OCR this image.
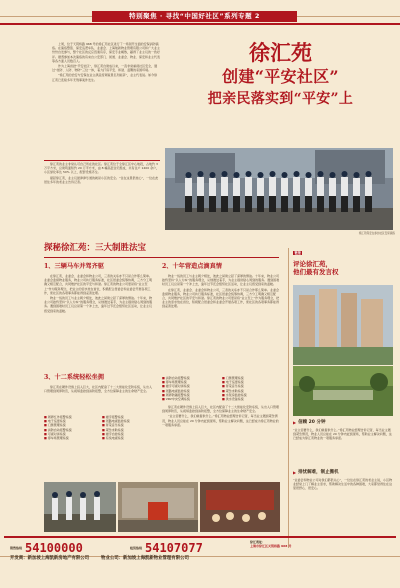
特别聚焦 · 寻找“中国好社区”系列专题 2

上周，位于天钥桥路 968 号的徐汇苑社区进行了一场别开生面的安保消防演练。在演练警笛、保安巡逻车队、业委会、上海航新物业管理有限公司和广大业主纷纷自发参与，整个社区的反应迅速有序，保安专业娴熟，赢得了业主们的一致好评。据悉参加本次演练的有来自公安部门、街道、业委会、物业、保安和业主代表等各方面人员数百人。

作为上海首批“平安社区”，徐汇苑自建成以来，一直非常重视社区安全，通过“技防、人防、物防”三位一体，着力打造平安、和谐、温馨的家园环境。

“徐汇苑的治安与安保在业主满意度调查里名列前茅”，业主代表说。如今徐汇苑已连续多年无刑事案件发生。

徐汇苑
创建“平安社区”
把亲民落实到“平安”上

徐汇苑的业主非常认可自己所在的社区。徐汇苑位于全徐汇区中心地段，占地约 3 万平方米，总建筑面积约 20 万平方米，由 8 幢高层住宅组成，共有住户 1400 余户，小区绿化率达 50% 以上，配套设施齐全。

提起徐汇苑，业主们最津津乐道的就是小区的安全。“住在这里很放心”，一位在此居住多年的老业主告诉记者。

徐汇苑保安在参加社区安保演练
探秘徐汇苑：三大制胜法宝
1、三辆马车并驾齐驱

在徐汇苑，业委会、业委会和物业公司，三者的关系亦不只是合作那么简单。业委会监督物业服务，物业公司执行服务标准，社区居委会统筹协调，三方分工明确又相互配合，共同维护社区的平安与和谐。徐汇苑的物业公司更是将“业主至上”作为服务理念，把业主的需求放在首位，积极配合居委会和业委会开展各项工作，使社区的各项事务都能得到妥善处理。

物业一线的员工与业主朝夕相处，彼此之间建立起了深厚的情谊。十年来，物业公司始终坚持“以人为本”的服务理念，从细微处着手，为业主提供贴心周到的服务。遇到困难时员工们总是第一个冲上去，逢年过节还会组织社区活动，让业主们感受到家的温暖。

2、十年营造点滴真情

物业一线的员工与业主朝夕相处，彼此之间建立起了深厚的情谊。十年来，物业公司始终坚持“以人为本”的服务理念，从细微处着手，为业主提供贴心周到的服务。遇到困难时员工们总是第一个冲上去，逢年过节还会组织社区活动，让业主们感受到家的温暖。

在徐汇苑，业委会、业委会和物业公司，三者的关系亦不只是合作那么简单。业委会监督物业服务，物业公司执行服务标准，社区居委会统筹协调，三方分工明确又相互配合，共同维护社区的平安与和谐。徐汇苑的物业公司更是将“业主至上”作为服务理念，把业主的需求放在首位，积极配合居委会和业委会开展各项工作，使社区的各项事务都能得到妥善处理。

3、十二系统轻松坐拥

徐汇苑在硬件设施上投入巨大，社区内配备了十二大智能化安防系统，从出入口管理到周界防范，从视频监控到消防报警，全方位保障业主的生命财产安全。

■ 消防自动报警系统
■ 停车场管理系统
■ 楼宇可视对讲系统
■ 闭路电视监控系统
■ 周界防越报警系统
■ VRV中央空调系统
■ 门禁管理系统
■ 电子巡更系统
■ 背景音乐系统
■ 紧急求助系统
■ 水泵房监控系统
■ 供水设备系统
■ 周界红外报警系统
■ 电子巡更系统
■ 门禁管理系统
■ 消防自动报警系统
■ 可视对讲系统
■ 停车场管理系统
■ 楼宇报警系统
■ 闭路电视监控系统
■ 背景音乐系统
■ 紧急求助系统
■ 楼宇自控系统
■ 有线电视系统

徐汇苑在硬件设施上投入巨大，社区内配备了十二大智能化安防系统，从出入口管理到周界防范，从视频监控到消防报警，全方位保障业主的生命财产安全。

“业主需要什么，我们就提供什么。”徐汇苑物业经理告诉记者，每当业主遇到紧急情况，物业人员总能在 20 分钟内赶到现场，帮助业主解决问题，这已经成为徐汇苑物业的一项服务承诺。

链接
评论徐汇苑，
他们最有发言权
▶ 信赖 20 分钟
“业主需要什么，我们就提供什么。”徐汇苑物业经理告诉记者，每当业主遇到紧急情况，物业人员总能在 20 分钟内赶到现场，帮助业主解决问题，这已经成为徐汇苑物业的一项服务承诺。
▶ 排忧解难，制止搬机
“业委会和物业公司对我们都很关心”，一位住在徐汇苑的老业主说，小区物业经常上门了解业主需求，帮助解决生活中的各种困难，大家都觉得住在这里很舒心、很安心。
销售热线 54100000	租赁热线 54107077	徐汇苑址：
上海市徐汇区天钥桥路 968 号
开发商：新加坡上海凯新房地产有限公司	物业公司：新加坡上海凯新物业管理有限公司
